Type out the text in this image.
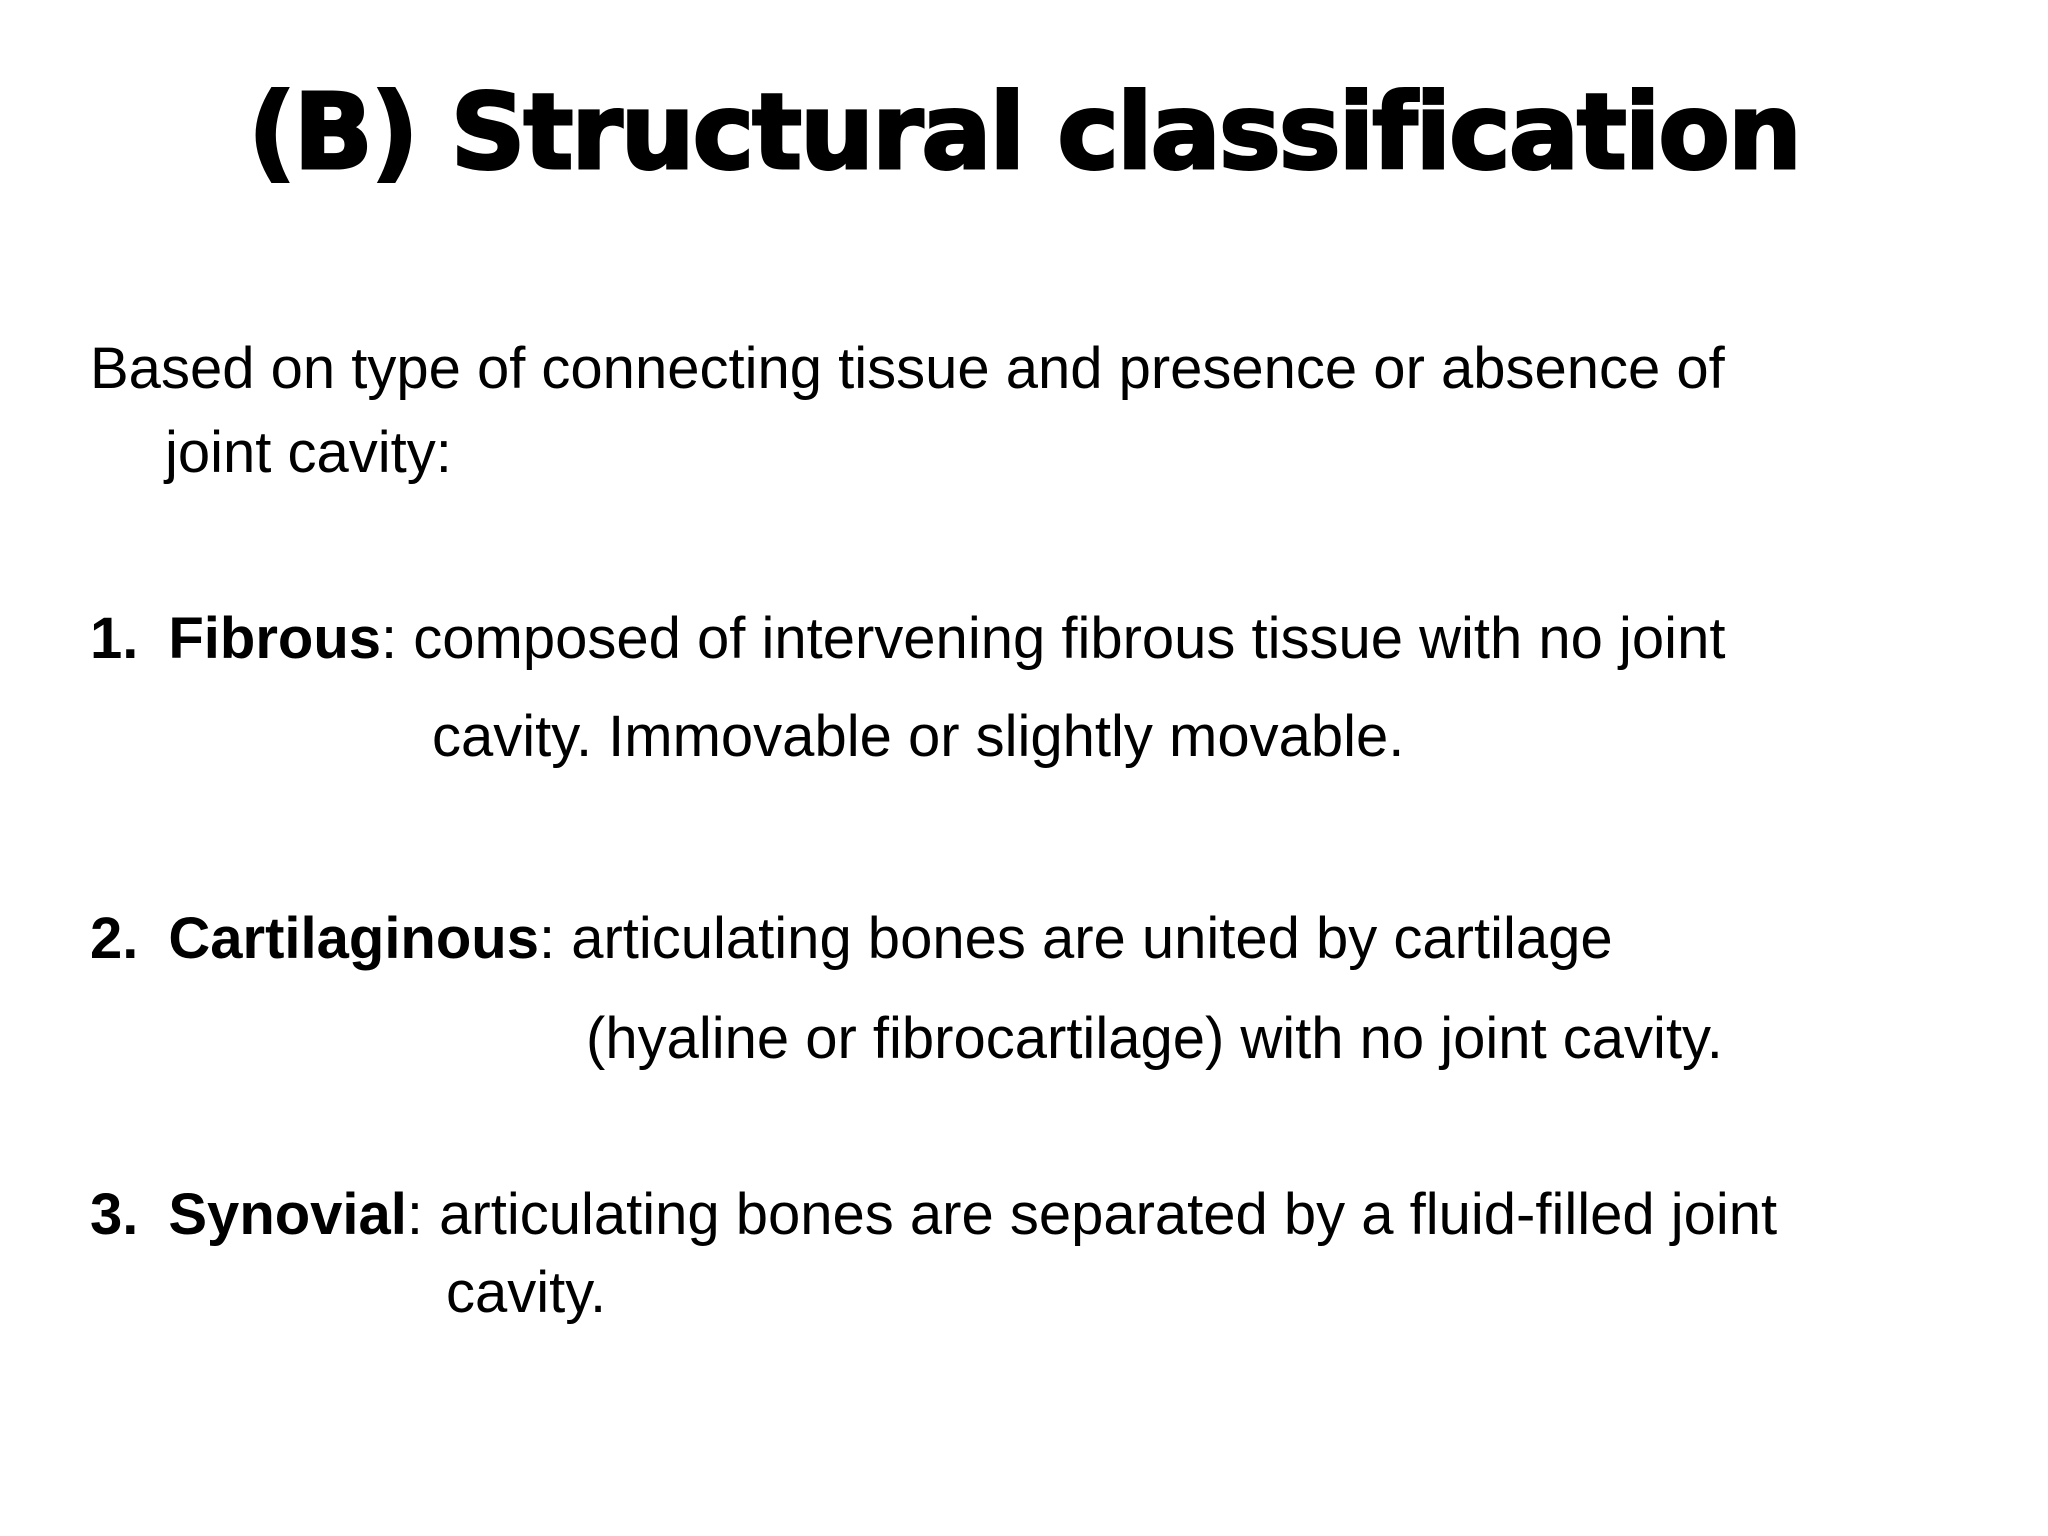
(B) Structural classification
Based on type of connecting tissue and presence or absence of
joint cavity:
1. Fibrous: composed of intervening fibrous tissue with no joint
cavity. Immovable or slightly movable.
2. Cartilaginous: articulating bones are united by cartilage
(hyaline or fibrocartilage) with no joint cavity.
3. Synovial: articulating bones are separated by a fluid-filled joint
cavity.
